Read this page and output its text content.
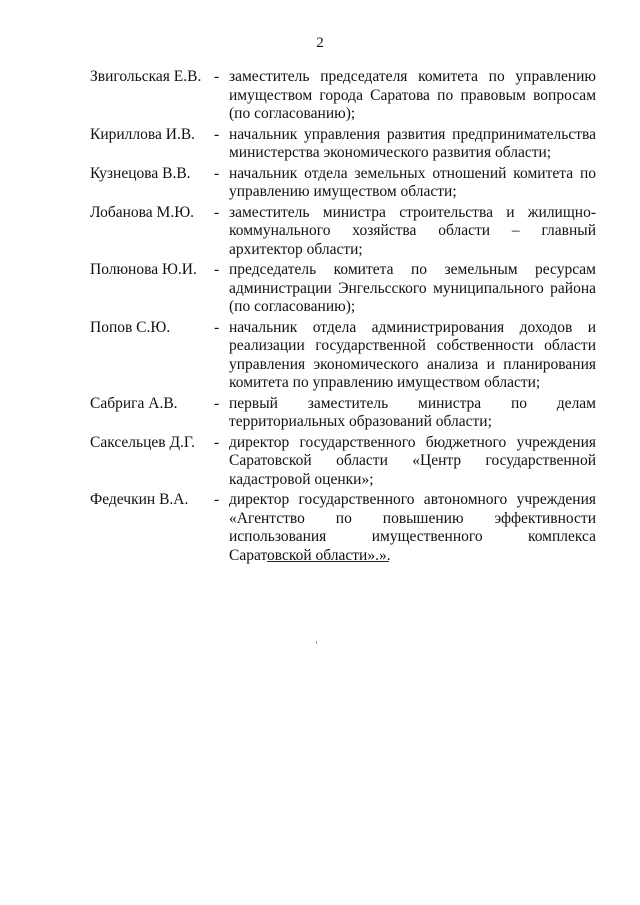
2
Звигольская Е.В. - заместитель председателя комитета по управлению имуществом города Саратова по правовым вопросам (по согласованию);
Кириллова И.В.	- начальник управления развития предпринимательства министерства экономического развития области;
Кузнецова В.В.	- начальник отдела земельных отношений комитета по управлению имуществом области;
Лобанова М.Ю.	- заместитель министра строительства и жилищно-коммунального хозяйства области – главный архитектор области;
Полюнова Ю.И.	- председатель комитета по земельным ресурсам администрации Энгельсского муниципального района (по согласованию);
Попов С.Ю.	- начальник отдела администрирования доходов и реализации государственной собственности области управления экономического анализа и планирования комитета по управлению имуществом области;
Сабрига А.В.	- первый заместитель министра по делам территориальных образований области;
Саксельцев Д.Г.	- директор государственного бюджетного учреждения Саратовской области «Центр государственной кадастровой оценки»;
Федечкин В.А.	- директор государственного автономного учреждения «Агентство по повышению эффективности использования имущественного комплекса Саратовской области».».
